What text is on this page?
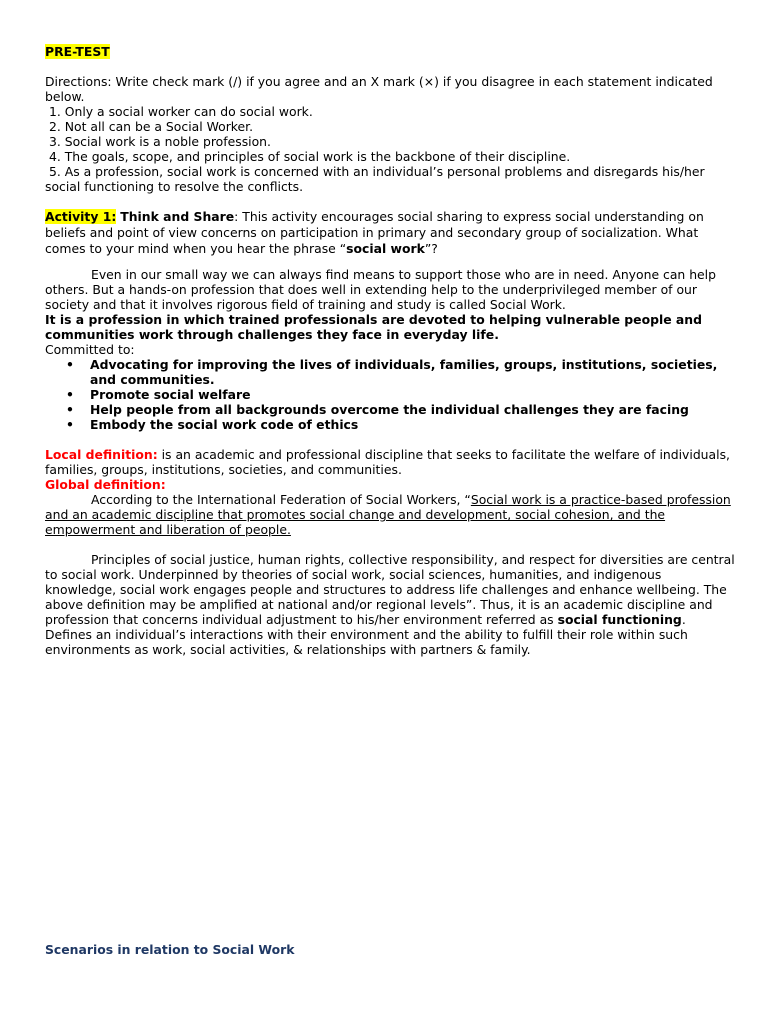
PRE-TEST

Directions: Write check mark (/) if you agree and an X mark (×) if you disagree in each statement indicated below.

1. Only a social worker can do social work.

2. Not all can be a Social Worker.

3. Social work is a noble profession.

4. The goals, scope, and principles of social work is the backbone of their discipline.

5. As a profession, social work is concerned with an individual’s personal problems and disregards his/her social functioning to resolve the conflicts.

Activity 1: Think and Share: This activity encourages social sharing to express social understanding on beliefs and point of view concerns on participation in primary and secondary group of socialization. What comes to your mind when you hear the phrase “social work”?

Even in our small way we can always find means to support those who are in need. Anyone can help others. But a hands-on profession that does well in extending help to the underprivileged member of our society and that it involves rigorous field of training and study is called Social Work.

It is a profession in which trained professionals are devoted to helping vulnerable people and communities work through challenges they face in everyday life.

Committed to:

• Advocating for improving the lives of individuals, families, groups, institutions, societies, and communities.
• Promote social welfare
• Help people from all backgrounds overcome the individual challenges they are facing
• Embody the social work code of ethics

Local definition: is an academic and professional discipline that seeks to facilitate the welfare of individuals, families, groups, institutions, societies, and communities.

Global definition:

According to the International Federation of Social Workers, “Social work is a practice-based profession and an academic discipline that promotes social change and development, social cohesion, and the empowerment and liberation of people.

Principles of social justice, human rights, collective responsibility, and respect for diversities are central to social work. Underpinned by theories of social work, social sciences, humanities, and indigenous knowledge, social work engages people and structures to address life challenges and enhance wellbeing. The above definition may be amplified at national and/or regional levels”. Thus, it is an academic discipline and profession that concerns individual adjustment to his/her environment referred as social functioning. Defines an individual’s interactions with their environment and the ability to fulfill their role within such environments as work, social activities, & relationships with partners & family.

Scenarios in relation to Social Work
